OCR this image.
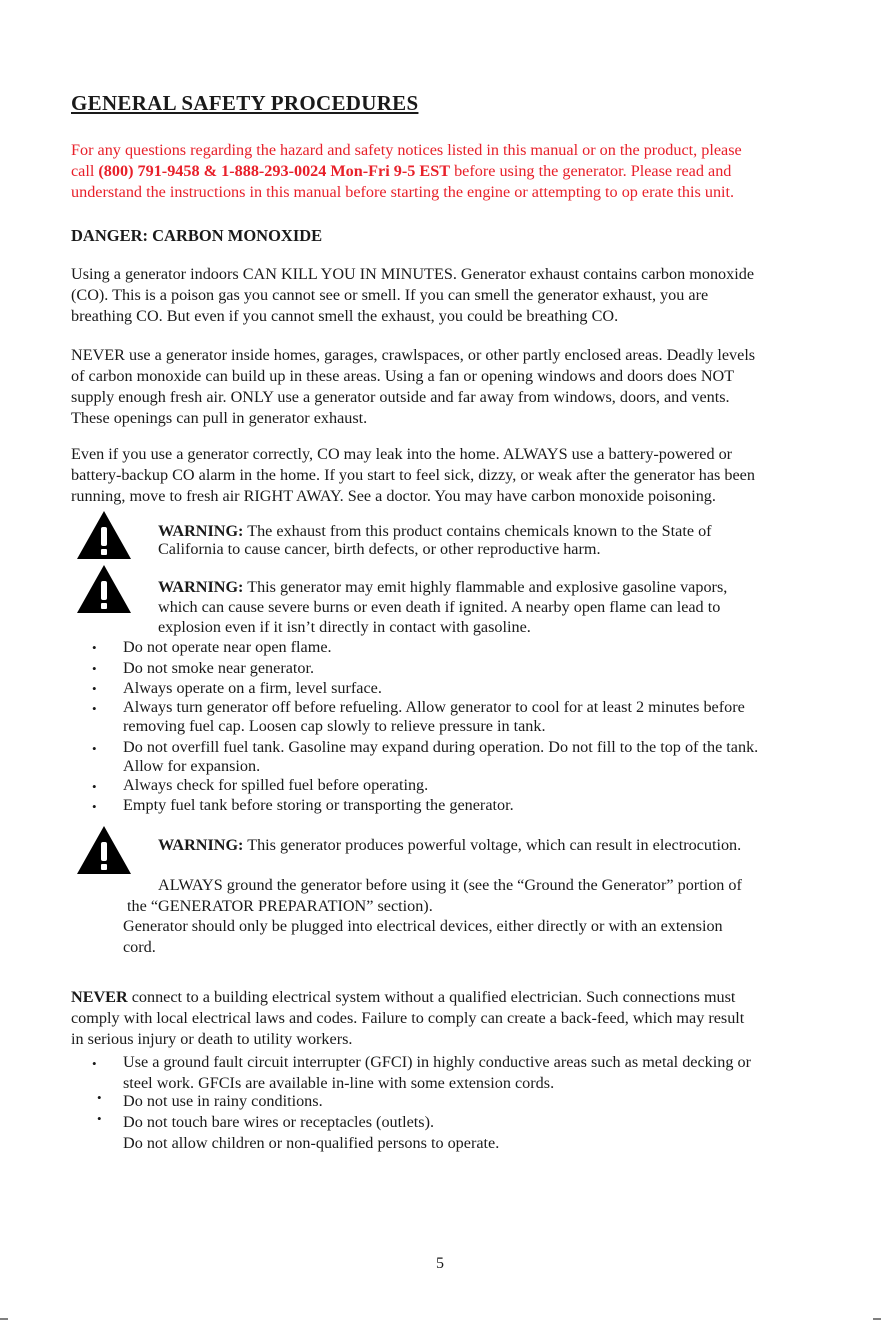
GENERAL SAFETY PROCEDURES

For any questions regarding the hazard and safety notices listed in this manual or on the product, please

call (800) 791-9458 & 1-888-293-0024 Mon-Fri 9-5 EST before using the generator. Please read and

understand the instructions in this manual before starting the engine or attempting to op erate this unit.

DANGER: CARBON MONOXIDE

Using a generator indoors CAN KILL YOU IN MINUTES. Generator exhaust contains carbon monoxide

(CO). This is a poison gas you cannot see or smell. If you can smell the generator exhaust, you are

breathing CO. But even if you cannot smell the exhaust, you could be breathing CO.

NEVER use a generator inside homes, garages, crawlspaces, or other partly enclosed areas. Deadly levels

of carbon monoxide can build up in these areas. Using a fan or opening windows and doors does NOT

supply enough fresh air. ONLY use a generator outside and far away from windows, doors, and vents.

These openings can pull in generator exhaust.

Even if you use a generator correctly, CO may leak into the home. ALWAYS use a battery-powered or

battery-backup CO alarm in the home. If you start to feel sick, dizzy, or weak after the generator has been

running, move to fresh air RIGHT AWAY. See a doctor. You may have carbon monoxide poisoning.

WARNING: The exhaust from this product contains chemicals known to the State of

California to cause cancer, birth defects, or other reproductive harm.

WARNING: This generator may emit highly flammable and explosive gasoline vapors,

which can cause severe burns or even death if ignited. A nearby open flame can lead to

explosion even if it isn’t directly in contact with gasoline.

• Do not operate near open flame.

• Do not smoke near generator.

• Always operate on a firm, level surface.

• Always turn generator off before refueling. Allow generator to cool for at least 2 minutes before

removing fuel cap. Loosen cap slowly to relieve pressure in tank.

• Do not overfill fuel tank. Gasoline may expand during operation. Do not fill to the top of the tank.

Allow for expansion.

• Always check for spilled fuel before operating.

• Empty fuel tank before storing or transporting the generator.

WARNING: This generator produces powerful voltage, which can result in electrocution.

ALWAYS ground the generator before using it (see the “Ground the Generator” portion of

the “GENERATOR PREPARATION” section).

Generator should only be plugged into electrical devices, either directly or with an extension

cord.

NEVER connect to a building electrical system without a qualified electrician. Such connections must

comply with local electrical laws and codes. Failure to comply can create a back-feed, which may result

in serious injury or death to utility workers.

• Use a ground fault circuit interrupter (GFCI) in highly conductive areas such as metal decking or

steel work. GFCIs are available in-line with some extension cords.

• Do not use in rainy conditions.

• Do not touch bare wires or receptacles (outlets).

Do not allow children or non-qualified persons to operate.

5
